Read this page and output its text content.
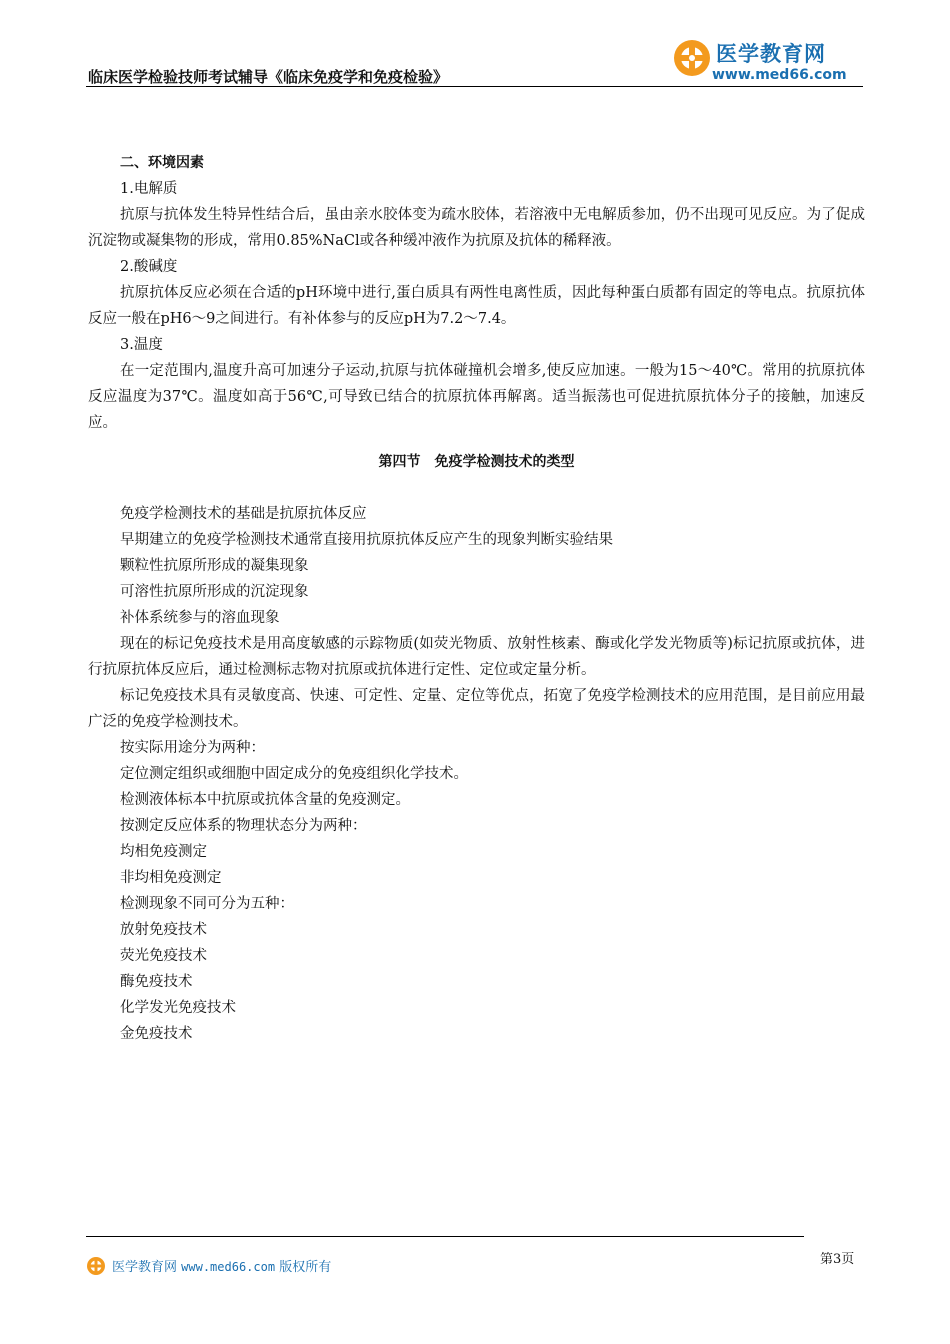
临床医学检验技师考试辅导《临床免疫学和免疫检验》
医学教育网
www.med66.com

二、环境因素

1.电解质

抗原与抗体发生特异性结合后，虽由亲水胶体变为疏水胶体，若溶液中无电解质参加，仍不出现可见反应。为了促成沉淀物或凝集物的形成，常用0.85%NaCl或各种缓冲液作为抗原及抗体的稀释液。

2.酸碱度

抗原抗体反应必须在合适的pH环境中进行,蛋白质具有两性电离性质，因此每种蛋白质都有固定的等电点。抗原抗体反应一般在pH6～9之间进行。有补体参与的反应pH为7.2～7.4。

3.温度

在一定范围内,温度升高可加速分子运动,抗原与抗体碰撞机会增多,使反应加速。一般为15～40℃。常用的抗原抗体反应温度为37℃。温度如高于56℃,可导致已结合的抗原抗体再解离。适当振荡也可促进抗原抗体分子的接触，加速反应。

第四节　免疫学检测技术的类型

免疫学检测技术的基础是抗原抗体反应

早期建立的免疫学检测技术通常直接用抗原抗体反应产生的现象判断实验结果

颗粒性抗原所形成的凝集现象

可溶性抗原所形成的沉淀现象

补体系统参与的溶血现象

现在的标记免疫技术是用高度敏感的示踪物质(如荧光物质、放射性核素、酶或化学发光物质等)标记抗原或抗体，进行抗原抗体反应后，通过检测标志物对抗原或抗体进行定性、定位或定量分析。

标记免疫技术具有灵敏度高、快速、可定性、定量、定位等优点，拓宽了免疫学检测技术的应用范围，是目前应用最广泛的免疫学检测技术。

按实际用途分为两种：

定位测定组织或细胞中固定成分的免疫组织化学技术。

检测液体标本中抗原或抗体含量的免疫测定。

按测定反应体系的物理状态分为两种：

均相免疫测定

非均相免疫测定

检测现象不同可分为五种：

放射免疫技术

荧光免疫技术

酶免疫技术

化学发光免疫技术

金免疫技术

医学教育网 www.med66.com 版权所有
第3页
